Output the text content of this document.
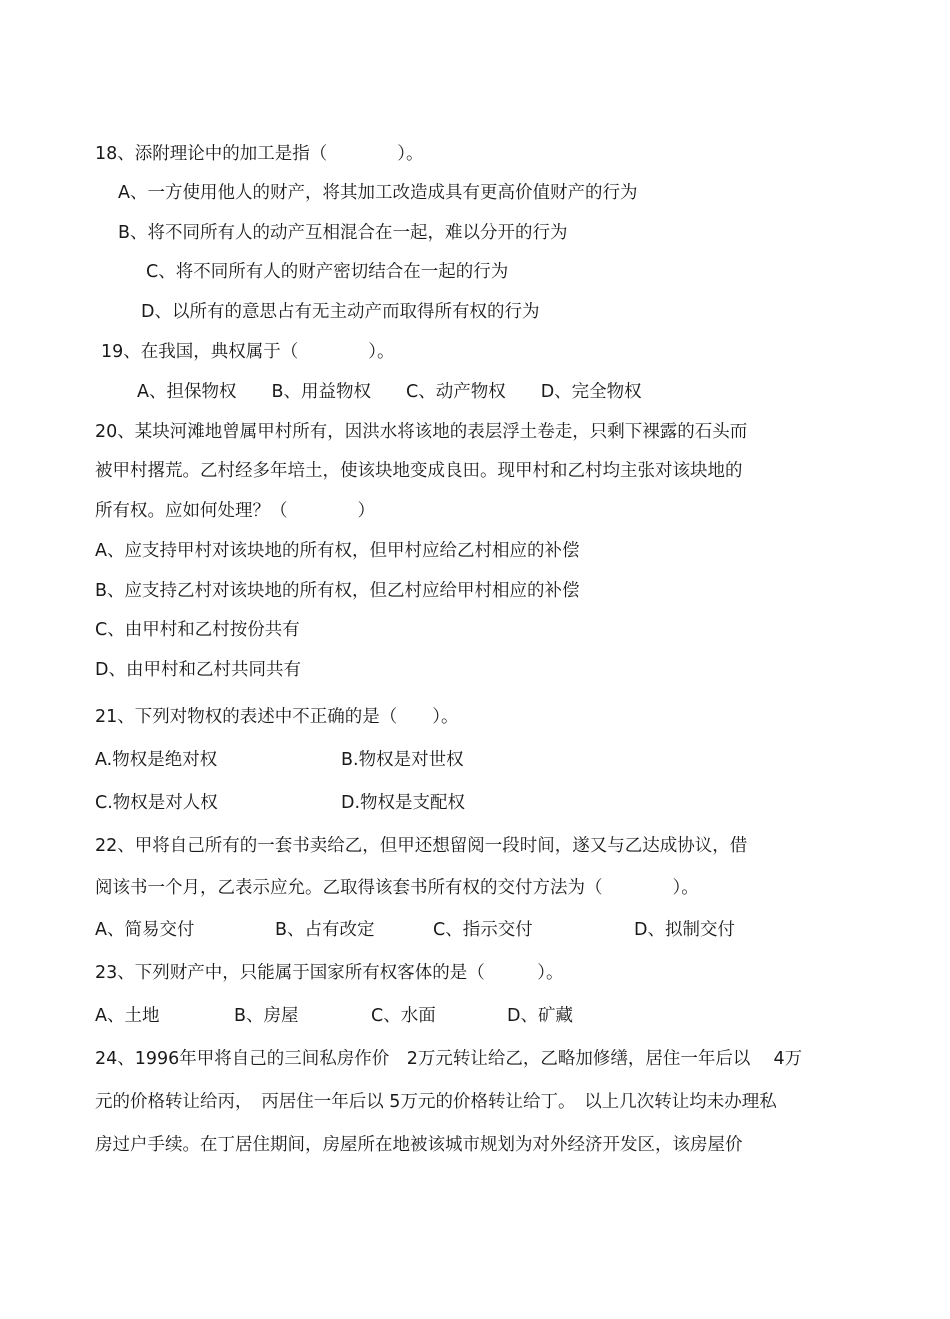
18、添附理论中的加工是指（　　　　）。

A、一方使用他人的财产，将其加工改造成具有更高价值财产的行为

B、将不同所有人的动产互相混合在一起，难以分开的行为

C、将不同所有人的财产密切结合在一起的行为

D、以所有的意思占有无主动产而取得所有权的行为

19、在我国，典权属于（　　　　）。

A、担保物权　　B、用益物权　　C、动产物权　　D、完全物权

20、某块河滩地曾属甲村所有，因洪水将该地的表层浮土卷走，只剩下裸露的石头而

被甲村撂荒。乙村经多年培土，使该块地变成良田。现甲村和乙村均主张对该块地的

所有权。应如何处理？（　　　　）

A、应支持甲村对该块地的所有权，但甲村应给乙村相应的补偿

B、应支持乙村对该块地的所有权，但乙村应给甲村相应的补偿

C、由甲村和乙村按份共有

D、由甲村和乙村共同共有

21、下列对物权的表述中不正确的是（　　）。

A.物权是绝对权	B.物权是对世权

C.物权是对人权	D.物权是支配权

22、甲将自己所有的一套书卖给乙，但甲还想留阅一段时间，遂又与乙达成协议，借

阅该书一个月，乙表示应允。乙取得该套书所有权的交付方法为（　　　　）。

A、简易交付	B、占有改定	C、指示交付	D、拟制交付

23、下列财产中，只能属于国家所有权客体的是（　　　）。

A、土地	B、房屋	C、水面	D、矿藏

24、1996年甲将自己的三间私房作价　2万元转让给乙，乙略加修缮，居住一年后以　 4万

元的价格转让给丙，　丙居住一年后以 5万元的价格转让给丁。　以上几次转让均未办理私

房过户手续。在丁居住期间，房屋所在地被该城市规划为对外经济开发区，该房屋价
